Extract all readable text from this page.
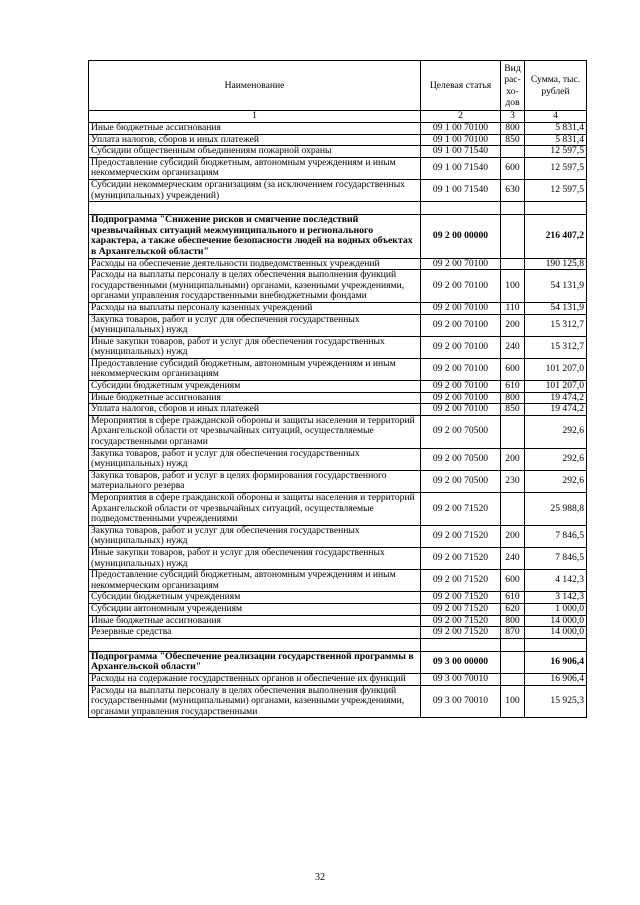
Наименование	Целевая статья	Вид рас-хо-дов	Сумма, тыс. рублей
1	2	3	4
Иные бюджетные ассигнования	09 1 00 70100	800	5 831,4
Уплата налогов, сборов и иных платежей	09 1 00 70100	850	5 831,4
Субсидии общественным объединениям пожарной охраны	09 1 00 71540		12 597,5
Предоставление субсидий бюджетным, автономным учреждениям и иным некоммерческим организациям	09 1 00 71540	600	12 597,5
Субсидии некоммерческим организациям (за исключением государственных (муниципальных) учреждений)	09 1 00 71540	630	12 597,5

Подпрограмма "Снижение рисков и смягчение последствий чрезвычайных ситуаций межмуниципального и регионального характера, а также обеспечение безопасности людей на водных объектах в Архангельской области"	09 2 00 00000		216 407,2
Расходы на обеспечение деятельности подведомственных учреждений	09 2 00 70100		190 125,8
Расходы на выплаты персоналу в целях обеспечения выполнения функций государственными (муниципальными) органами, казенными учреждениями, органами управления государственными внебюджетными фондами	09 2 00 70100	100	54 131,9
Расходы на выплаты персоналу казенных учреждений	09 2 00 70100	110	54 131,9
Закупка товаров, работ и услуг для обеспечения государственных (муниципальных) нужд	09 2 00 70100	200	15 312,7
Иные закупки товаров, работ и услуг для обеспечения государственных (муниципальных) нужд	09 2 00 70100	240	15 312,7
Предоставление субсидий бюджетным, автономным учреждениям и иным некоммерческим организациям	09 2 00 70100	600	101 207,0
Субсидии бюджетным учреждениям	09 2 00 70100	610	101 207,0
Иные бюджетные ассигнования	09 2 00 70100	800	19 474,2
Уплата налогов, сборов и иных платежей	09 2 00 70100	850	19 474,2
Мероприятия в сфере гражданской обороны и защиты населения и территорий Архангельской области от чрезвычайных ситуаций, осуществляемые государственными органами	09 2 00 70500		292,6
Закупка товаров, работ и услуг для обеспечения государственных (муниципальных) нужд	09 2 00 70500	200	292,6
Закупка товаров, работ и услуг в целях формирования государственного материального резерва	09 2 00 70500	230	292,6
Мероприятия в сфере гражданской обороны и защиты населения и территорий Архангельской области от чрезвычайных ситуаций, осуществляемые подведомственными учреждениями	09 2 00 71520		25 988,8
Закупка товаров, работ и услуг для обеспечения государственных (муниципальных) нужд	09 2 00 71520	200	7 846,5
Иные закупки товаров, работ и услуг для обеспечения государственных (муниципальных) нужд	09 2 00 71520	240	7 846,5
Предоставление субсидий бюджетным, автономным учреждениям и иным некоммерческим организациям	09 2 00 71520	600	4 142,3
Субсидии бюджетным учреждениям	09 2 00 71520	610	3 142,3
Субсидии автономным учреждениям	09 2 00 71520	620	1 000,0
Иные бюджетные ассигнования	09 2 00 71520	800	14 000,0
Резервные средства	09 2 00 71520	870	14 000,0

Подпрограмма "Обеспечение реализации государственной программы в Архангельской области"	09 3 00 00000		16 906,4
Расходы на содержание государственных органов и обеспечение их функций	09 3 00 70010		16 906,4
Расходы на выплаты персоналу в целях обеспечения выполнения функций государственными (муниципальными) органами, казенными учреждениями, органами управления государственными	09 3 00 70010	100	15 925,3
32
